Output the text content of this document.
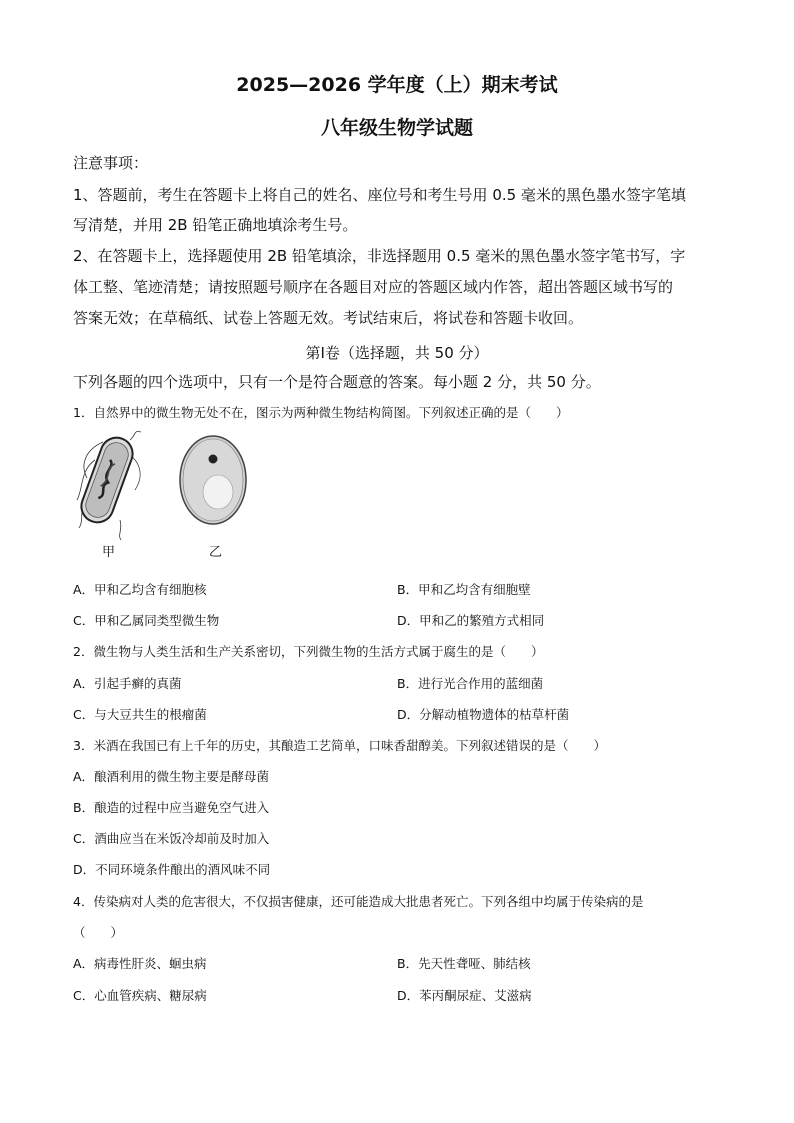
2025—2026 学年度（上）期末考试
八年级生物学试题
注意事项：
1、答题前，考生在答题卡上将自己的姓名、座位号和考生号用 0.5 毫米的黑色墨水签字笔填
写清楚，并用 2B 铅笔正确地填涂考生号。
2、在答题卡上，选择题使用 2B 铅笔填涂，非选择题用 0.5 毫米的黑色墨水签字笔书写，字
体工整、笔迹清楚；请按照题号顺序在各题目对应的答题区域内作答，超出答题区域书写的
答案无效；在草稿纸、试卷上答题无效。考试结束后，将试卷和答题卡收回。
第Ⅰ卷（选择题，共 50 分）
下列各题的四个选项中，只有一个是符合题意的答案。每小题 2 分，共 50 分。
1．自然界中的微生物无处不在，图示为两种微生物结构简图。下列叙述正确的是（　　）
甲	乙
A．甲和乙均含有细胞核	B．甲和乙均含有细胞壁
C．甲和乙属同类型微生物	D．甲和乙的繁殖方式相同
2．微生物与人类生活和生产关系密切，下列微生物的生活方式属于腐生的是（　　）
A．引起手癣的真菌	B．进行光合作用的蓝细菌
C．与大豆共生的根瘤菌	D．分解动植物遗体的枯草杆菌
3．米酒在我国已有上千年的历史，其酿造工艺简单，口味香甜醇美。下列叙述错误的是（　　）
A．酿酒利用的微生物主要是酵母菌
B．酿造的过程中应当避免空气进入
C．酒曲应当在米饭冷却前及时加入
D．不同环境条件酿出的酒风味不同
4．传染病对人类的危害很大，不仅损害健康，还可能造成大批患者死亡。下列各组中均属于传染病的是
（　　）
A．病毒性肝炎、蛔虫病	B．先天性聋哑、肺结核
C．心血管疾病、糖尿病	D．苯丙酮尿症、艾滋病
